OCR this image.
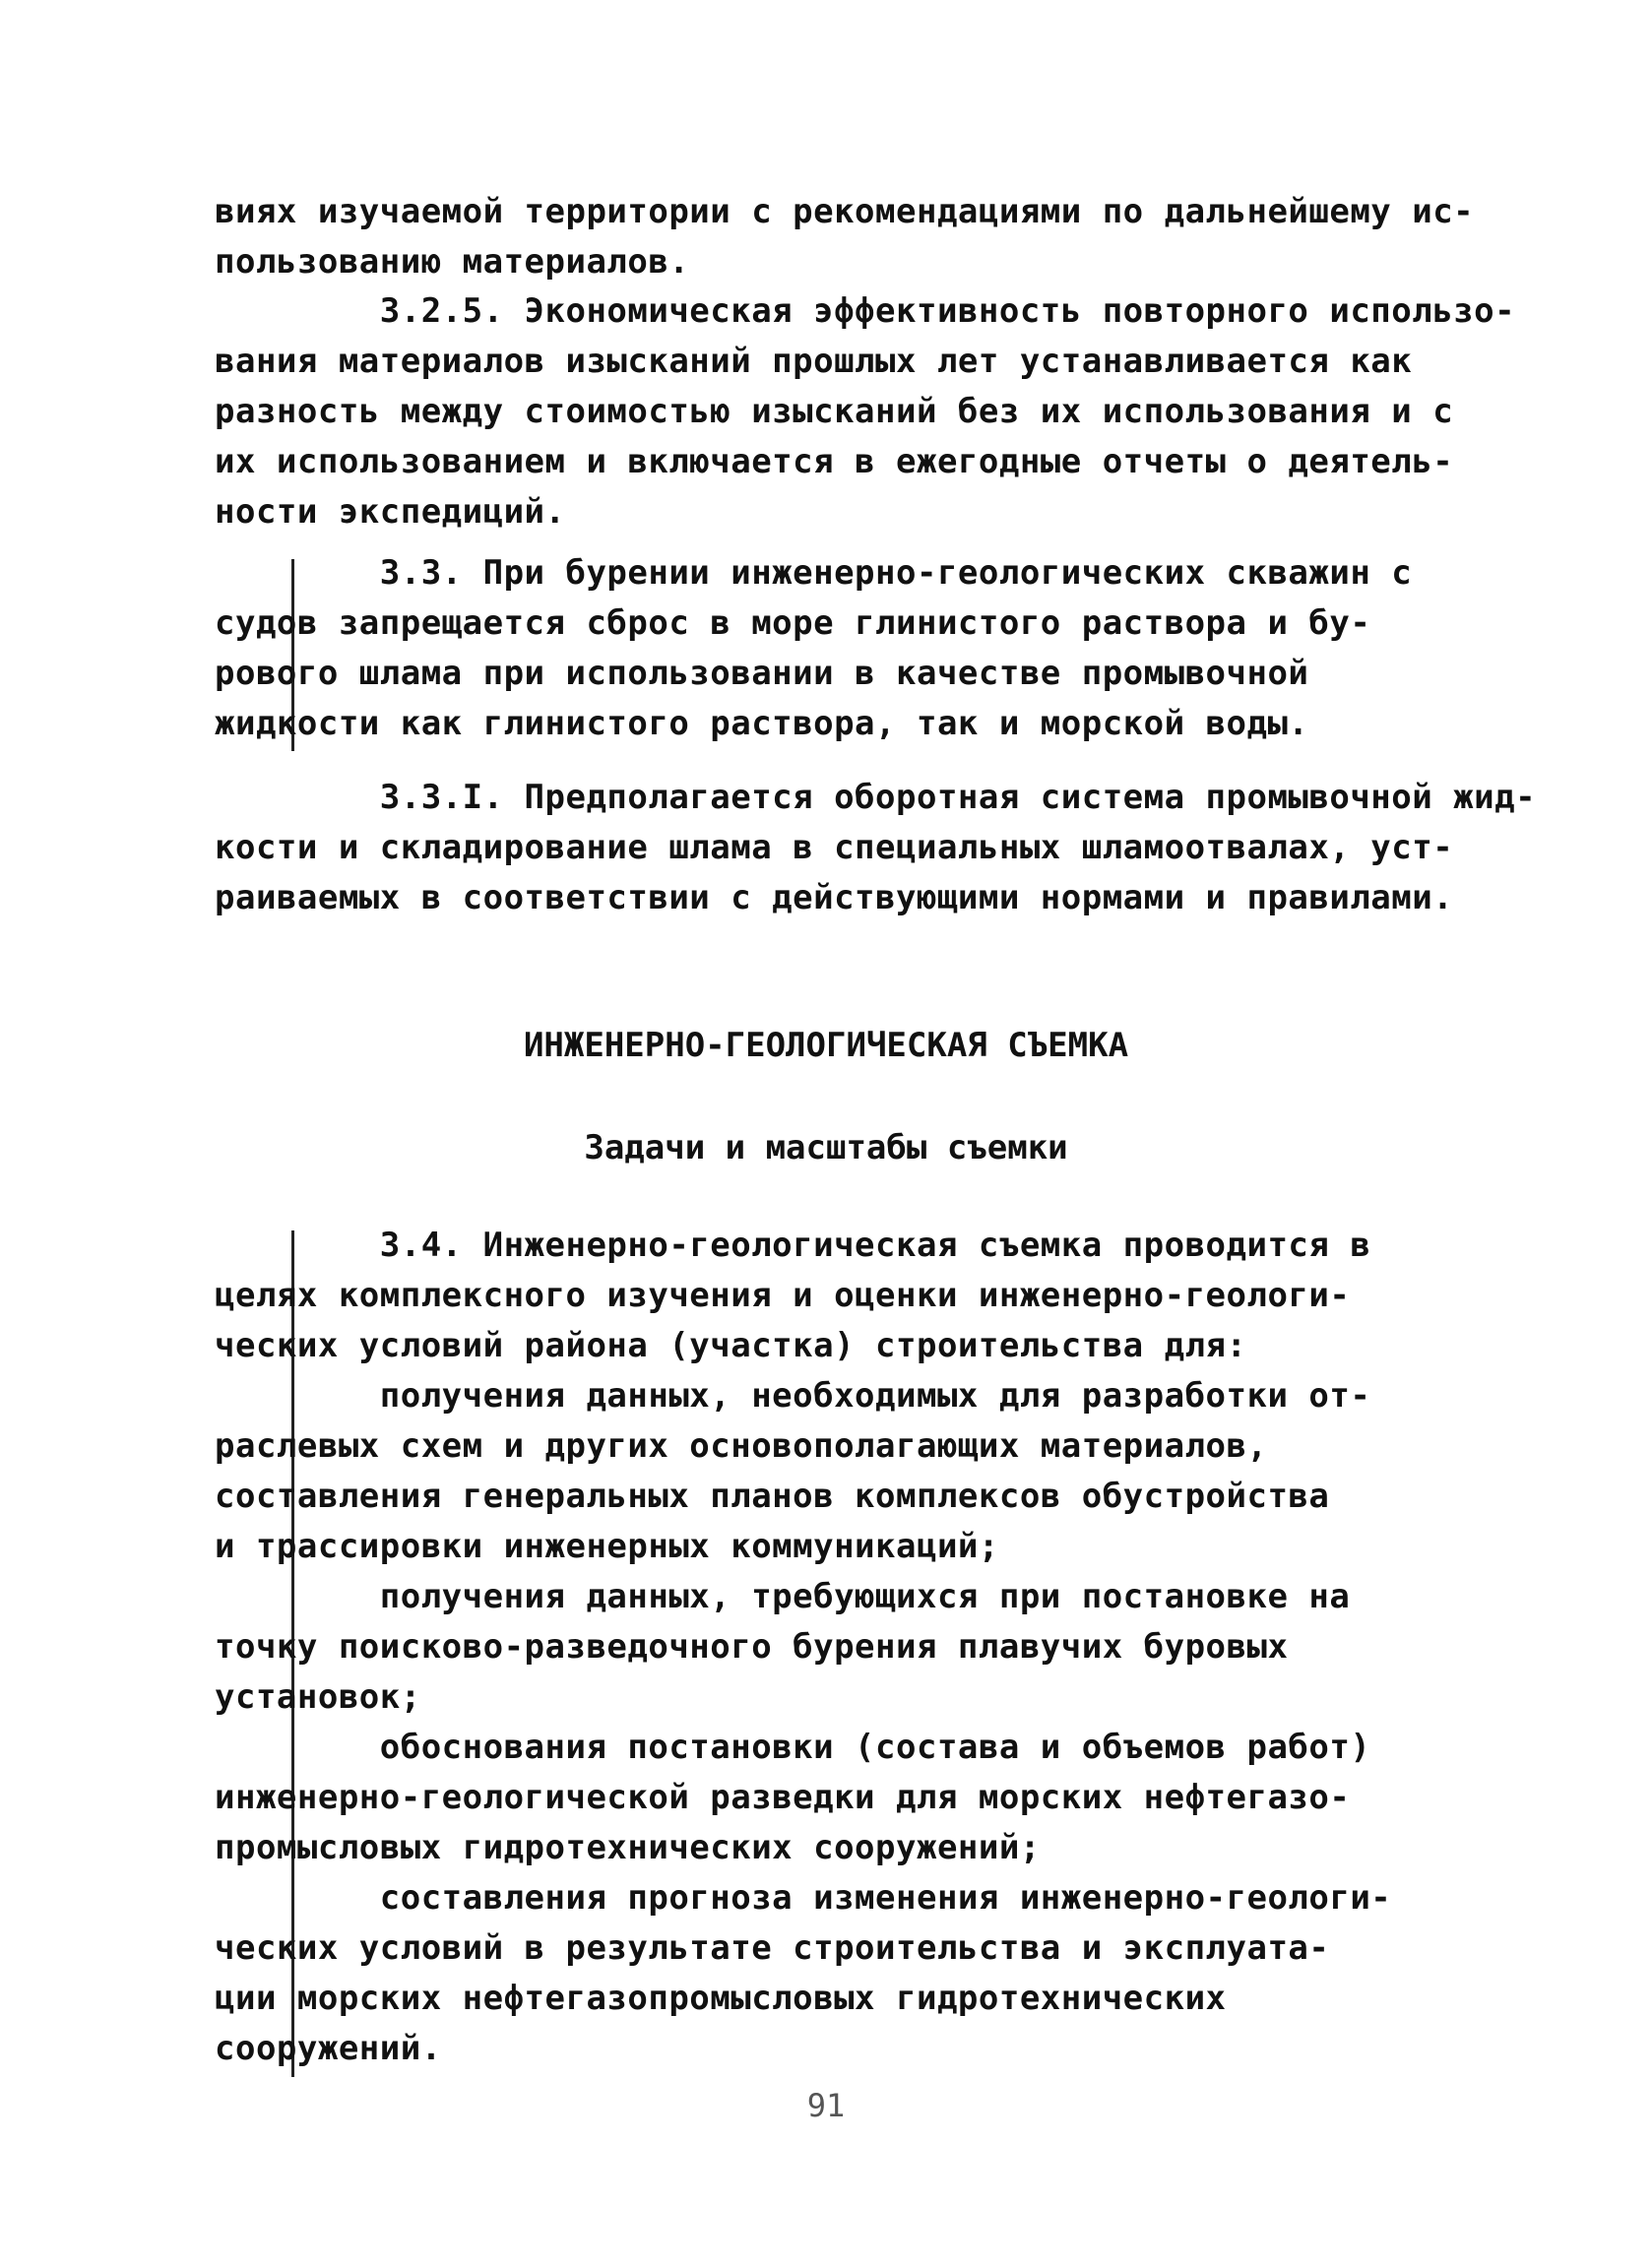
виях изучаемой территории с рекомендациями по дальнейшему ис-
пользованию материалов.

3.2.5. Экономическая эффективность повторного использо-
вания материалов изысканий прошлых лет устанавливается как
разность между стоимостью изысканий без их использования и с
их использованием и включается в ежегодные отчеты о деятель-
ности экспедиций.

3.3. При бурении инженерно-геологических скважин с
судов запрещается сброс в море глинистого раствора и бу-
рового шлама при использовании в качестве промывочной
жидкости как глинистого раствора, так и морской воды.

3.3.I. Предполагается оборотная система промывочной жид-
кости и складирование шлама в специальных шламоотвалах, уст-
раиваемых в соответствии с действующими нормами и правилами.

ИНЖЕНЕРНО-ГЕОЛОГИЧЕСКАЯ СЪЕМКА
Задачи и масштабы съемки

3.4. Инженерно-геологическая съемка проводится в
целях комплексного изучения и оценки инженерно-геологи-
ческих условий района (участка) строительства для:
получения данных, необходимых для разработки от-
раслевых схем и других основополагающих материалов,
составления генеральных планов комплексов обустройства
и трассировки инженерных коммуникаций;
получения данных, требующихся при постановке на
точку поисково-разведочного бурения плавучих буровых
установок;
обоснования постановки (состава и объемов работ)
инженерно-геологической разведки для морских нефтегазо-
промысловых гидротехнических сооружений;
составления прогноза изменения инженерно-геологи-
ческих условий в результате строительства и эксплуата-
ции морских нефтегазопромысловых гидротехнических
сооружений.

91
